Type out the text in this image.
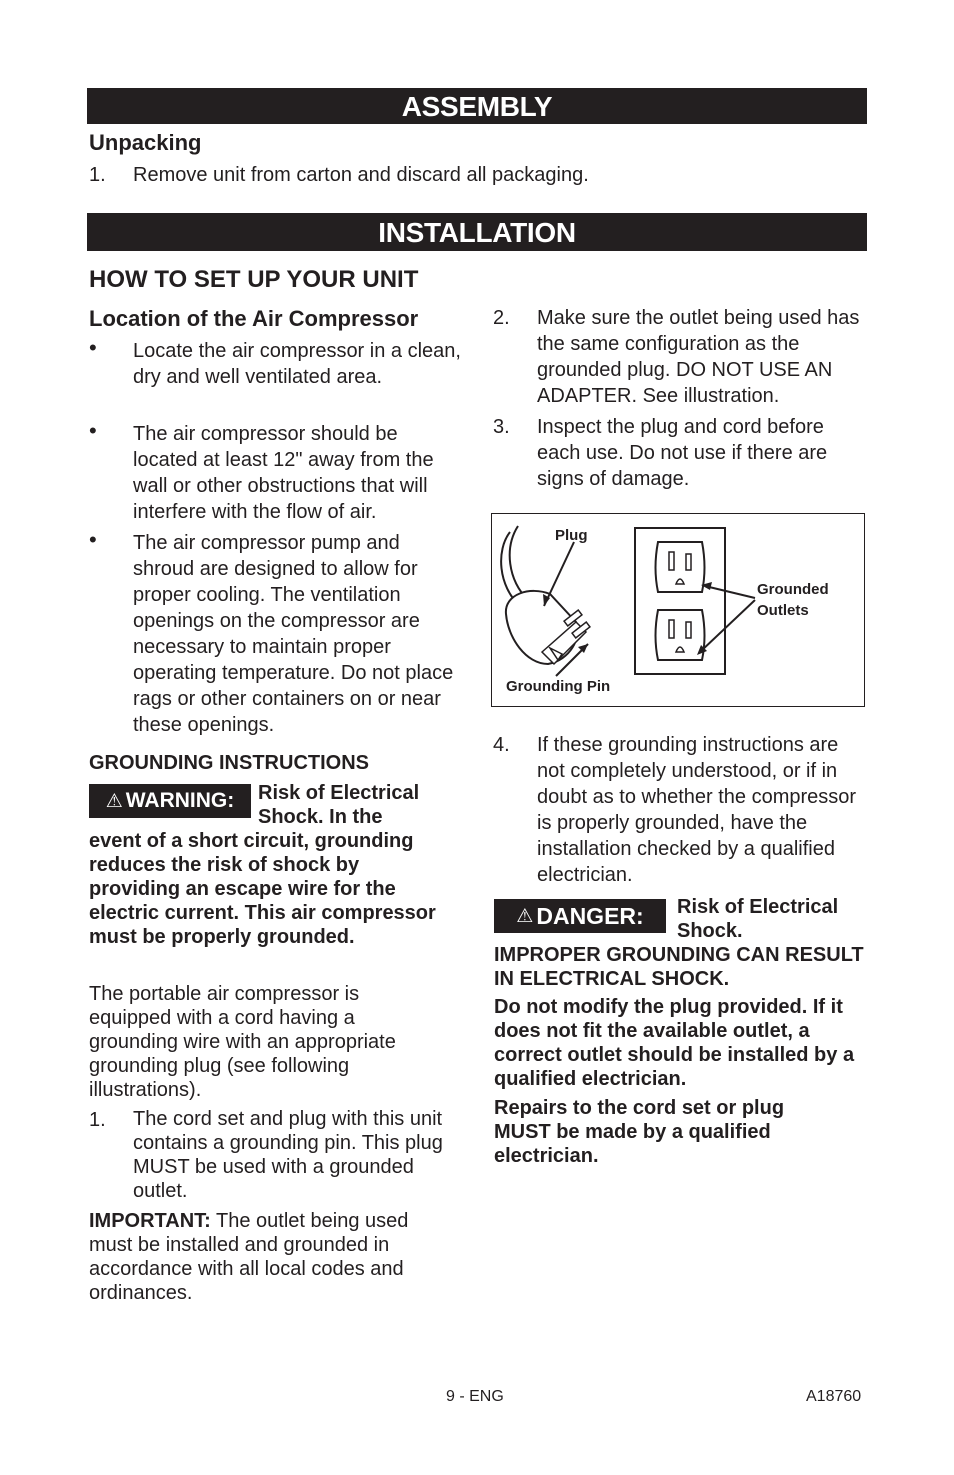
ASSEMBLY
Unpacking
1. Remove unit from carton and discard all packaging.
INSTALLATION
HOW TO SET UP YOUR UNIT
Location of the Air Compressor
• Locate the air compressor in a clean, dry and well ventilated area.
• The air compressor should be located at least 12" away from the wall or other obstructions that will interfere with the flow of air.
• The air compressor pump and shroud are designed to allow for proper cooling. The ventilation openings on the compressor are necessary to maintain proper operating temperature. Do not place rags or other containers on or near these openings.
GROUNDING INSTRUCTIONS
⚠ WARNING: Risk of Electrical Shock. In the
event of a short circuit, grounding reduces the risk of shock by providing an escape wire for the electric current. This air compressor must be properly grounded.
The portable air compressor is equipped with a cord having a grounding wire with an appropriate grounding plug (see following illustrations).
1. The cord set and plug with this unit contains a grounding pin. This plug MUST be used with a grounded outlet.
IMPORTANT: The outlet being used must be installed and grounded in accordance with all local codes and ordinances.
2. Make sure the outlet being used has the same configuration as the grounded plug. DO NOT USE AN ADAPTER. See illustration.
3. Inspect the plug and cord before each use. Do not use if there are signs of damage.
Plug
Grounding Pin
Grounded
Outlets
4. If these grounding instructions are not completely understood, or if in doubt as to whether the compressor is properly grounded, have the installation checked by a qualified electrician.
⚠ DANGER: Risk of Electrical Shock.
IMPROPER GROUNDING CAN RESULT IN ELECTRICAL SHOCK.
Do not modify the plug provided. If it does not fit the available outlet, a correct outlet should be installed by a qualified electrician.
Repairs to the cord set or plug MUST be made by a qualified electrician.
9 - ENG	A18760
